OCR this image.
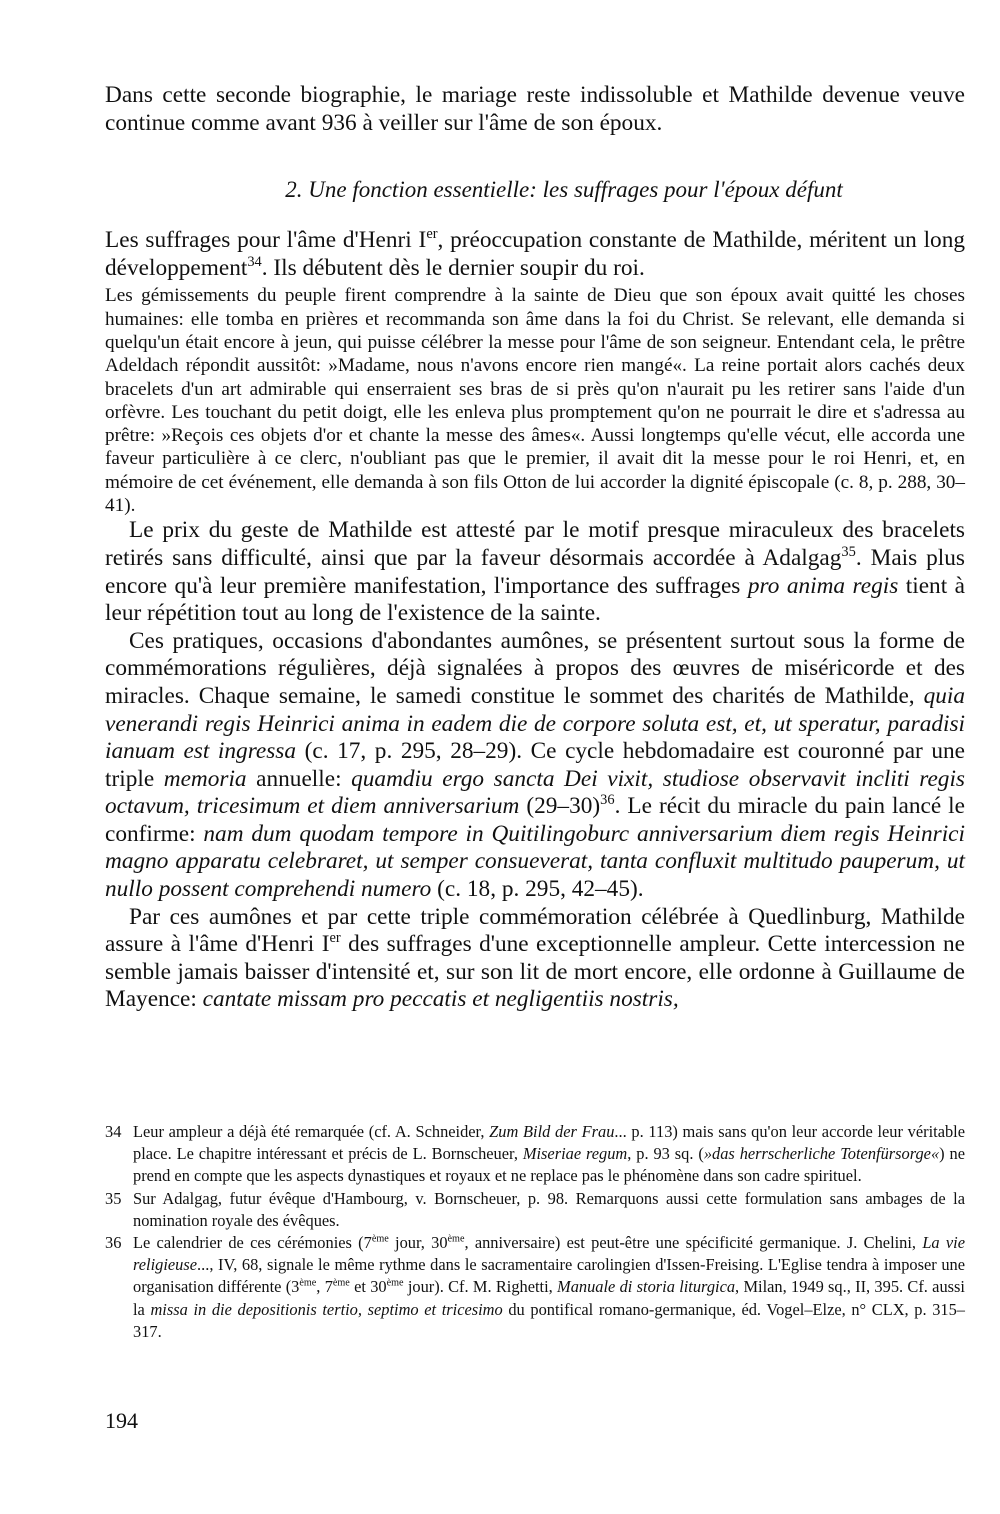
Dans cette seconde biographie, le mariage reste indissoluble et Mathilde devenue veuve continue comme avant 936 à veiller sur l'âme de son époux.

2. Une fonction essentielle: les suffrages pour l'époux défunt

Les suffrages pour l'âme d'Henri Ier, préoccupation constante de Mathilde, méritent un long développement$^{34}$. Ils débutent dès le dernier soupir du roi.

Les gémissements du peuple firent comprendre à la sainte de Dieu que son époux avait quitté les choses humaines: elle tomba en prières et recommanda son âme dans la foi du Christ. Se relevant, elle demanda si quelqu'un était encore à jeun, qui puisse célébrer la messe pour l'âme de son seigneur. Entendant cela, le prêtre Adeldach répondit aussitôt: »Madame, nous n'avons encore rien mangé«. La reine portait alors cachés deux bracelets d'un art admirable qui enserraient ses bras de si près qu'on n'aurait pu les retirer sans l'aide d'un orfèvre. Les touchant du petit doigt, elle les enleva plus promptement qu'on ne pourrait le dire et s'adressa au prêtre: »Reçois ces objets d'or et chante la messe des âmes«. Aussi longtemps qu'elle vécut, elle accorda une faveur particulière à ce clerc, n'oubliant pas que le premier, il avait dit la messe pour le roi Henri, et, en mémoire de cet événement, elle demanda à son fils Otton de lui accorder la dignité épiscopale (c. 8, p. 288, 30–41).

Le prix du geste de Mathilde est attesté par le motif presque miraculeux des bracelets retirés sans difficulté, ainsi que par la faveur désormais accordée à Adalgag$^{35}$. Mais plus encore qu'à leur première manifestation, l'importance des suffrages pro anima regis tient à leur répétition tout au long de l'existence de la sainte.

Ces pratiques, occasions d'abondantes aumônes, se présentent surtout sous la forme de commémorations régulières, déjà signalées à propos des œuvres de miséricorde et des miracles. Chaque semaine, le samedi constitue le sommet des charités de Mathilde, quia venerandi regis Heinrici anima in eadem die de corpore soluta est, et, ut speratur, paradisi ianuam est ingressa (c. 17, p. 295, 28–29). Ce cycle hebdomadaire est couronné par une triple memoria annuelle: quamdiu ergo sancta Dei vixit, studiose observavit incliti regis octavum, tricesimum et diem anniversarium $(29-30)^{36}$. Le récit du miracle du pain lancé le confirme: nam dum quodam tempore in Quitilingoburc anniversarium diem regis Heinrici magno apparatu celebraret, ut semper consueverat, tanta confluxit multitudo pauperum, ut nullo possent comprehendi numero (c. 18, p. 295, 42–45).

Par ces aumônes et par cette triple commémoration célébrée à Quedlinburg, Mathilde assure à l'âme d'Henri Ier des suffrages d'une exceptionnelle ampleur. Cette intercession ne semble jamais baisser d'intensité et, sur son lit de mort encore, elle ordonne à Guillaume de Mayence: cantate missam pro peccatis et negligentiis nostris,

34 Leur ampleur a déjà été remarquée (cf. A. Schneider, Zum Bild der Frau... p. 113) mais sans qu'on leur accorde leur véritable place. Le chapitre intéressant et précis de L. Bornscheuer, Miseriae regum, p. 93 sq. (»das herrscherliche Totenfürsorge«) ne prend en compte que les aspects dynastiques et royaux et ne replace pas le phénomène dans son cadre spirituel.
35 Sur Adalgag, futur évêque d'Hambourg, v. Bornscheuer, p. 98. Remarquons aussi cette formulation sans ambages de la nomination royale des évêques.
36 Le calendrier de ces cérémonies (7ème jour, 30ème, anniversaire) est peut-être une spécificité germanique. J. Chelini, La vie religieuse..., IV, 68, signale le même rythme dans le sacramentaire carolingien d'Issen-Freising. L'Eglise tendra à imposer une organisation différente (3ème, 7ème et 30ème jour). Cf. M. Righetti, Manuale di storia liturgica, Milan, 1949 sq., II, 395. Cf. aussi la missa in die depositionis tertio, septimo et tricesimo du pontifical romano-germanique, éd. Vogel–Elze, n° CLX, p. 315–317.
194
